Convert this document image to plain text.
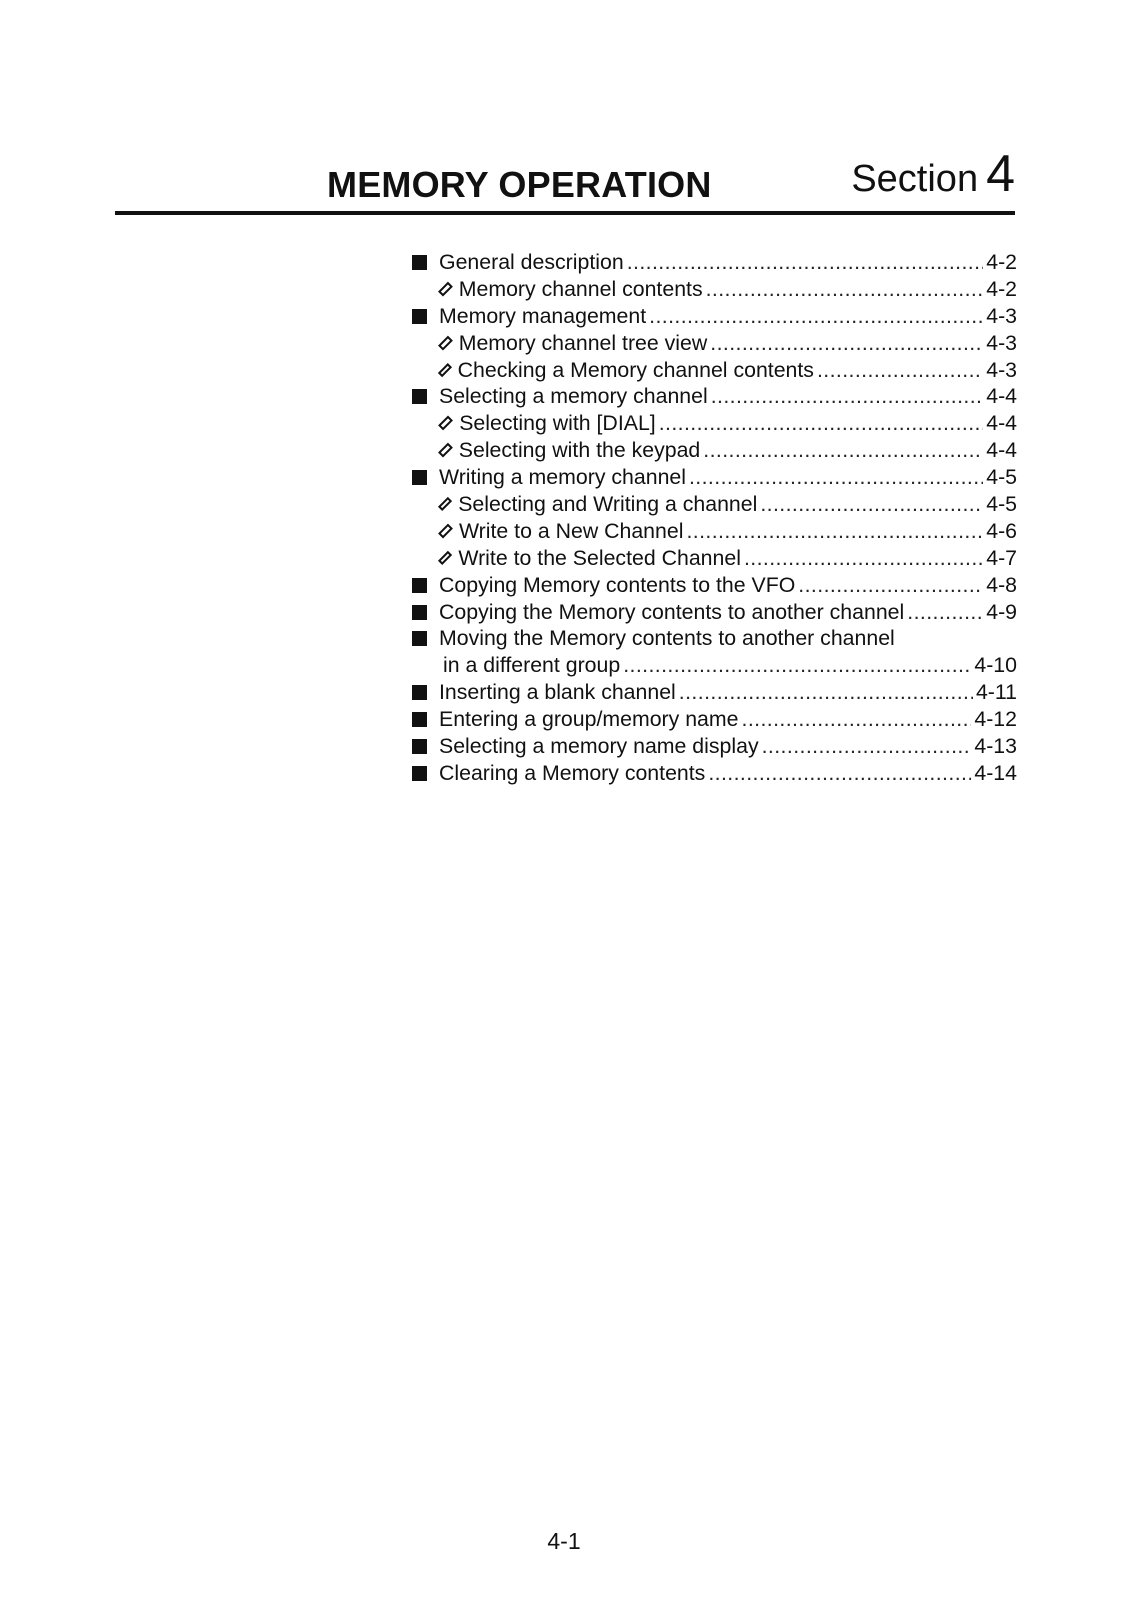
MEMORY OPERATION	Section 4
General description .....	4-2
Memory channel contents .....	4-2
Memory management .....	4-3
Memory channel tree view .....	4-3
Checking a Memory channel contents .....	4-3
Selecting a memory channel .....	4-4
Selecting with [DIAL] .....	4-4
Selecting with the keypad .....	4-4
Writing a memory channel .....	4-5
Selecting and Writing a channel .....	4-5
Write to a New Channel .....	4-6
Write to the Selected Channel .....	4-7
Copying Memory contents to the VFO .....	4-8
Copying the Memory contents to another channel .....	4-9
Moving the Memory contents to another channel
in a different group .....	4-10
Inserting a blank channel .....	4-11
Entering a group/memory name .....	4-12
Selecting a memory name display .....	4-13
Clearing a Memory contents .....	4-14
4-1
